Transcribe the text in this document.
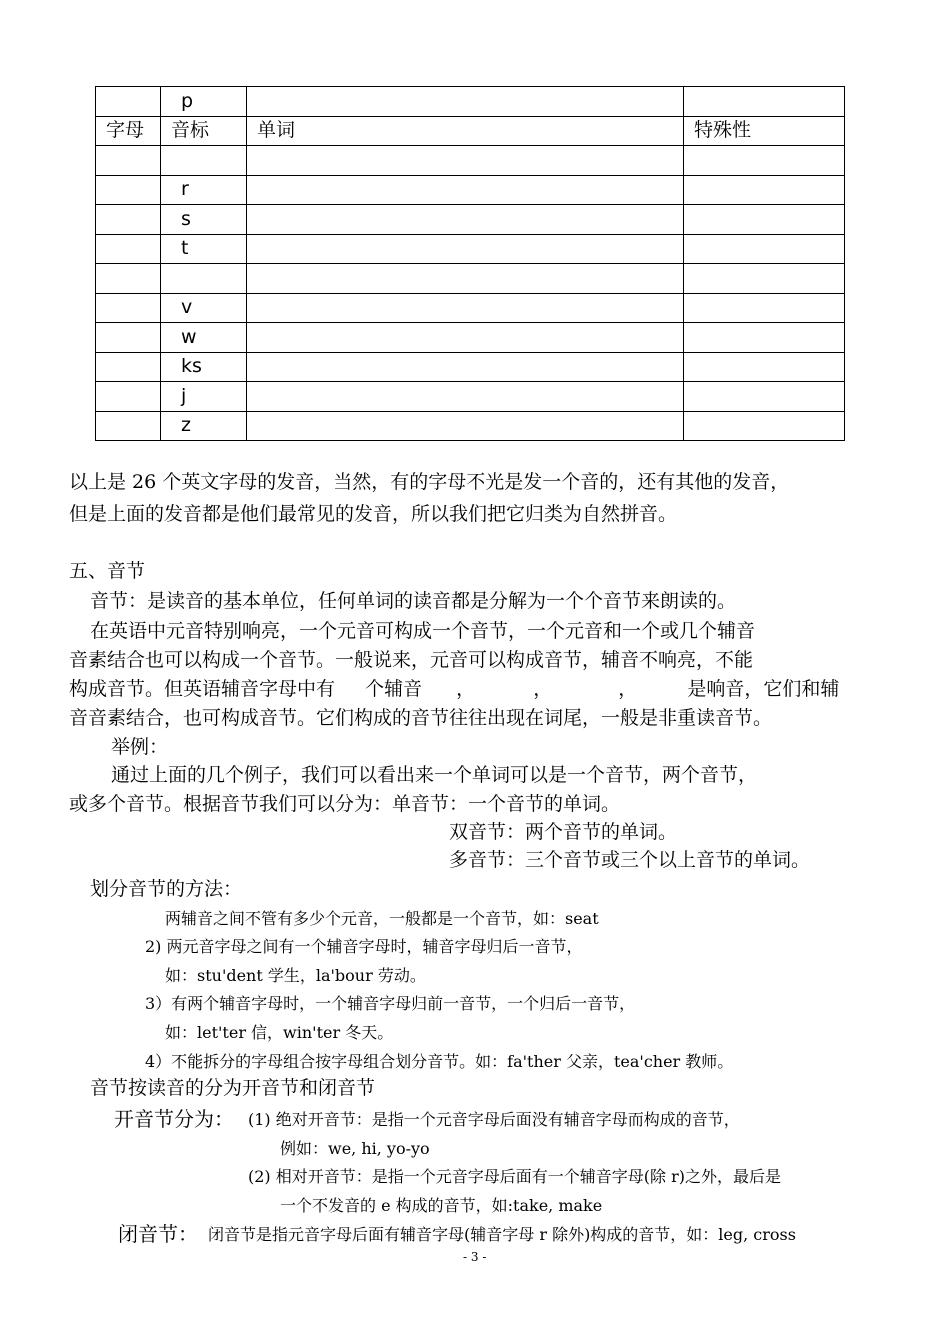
	p		
字母	音标	单词	特殊性

	r		
	s		
	t		

	v		
	w		
	ks		
	j		
	z		
以上是 26 个英文字母的发音，当然，有的字母不光是发一个音的，还有其他的发音，
但是上面的发音都是他们最常见的发音，所以我们把它归类为自然拼音。
五、音节
音节：是读音的基本单位，任何单词的读音都是分解为一个个音节来朗读的。
在英语中元音特别响亮，一个元音可构成一个音节，一个元音和一个或几个辅音
音素结合也可以构成一个音节。一般说来，元音可以构成音节，辅音不响亮，不能
构成音节。但英语辅音字母中有 个辅音 ，	，	，	是响音，它们和辅
音音素结合，也可构成音节。它们构成的音节往往出现在词尾，一般是非重读音节。
举例：
通过上面的几个例子，我们可以看出来一个单词可以是一个音节，两个音节，
或多个音节。根据音节我们可以分为：单音节：一个音节的单词。
双音节：两个音节的单词。
多音节：三个音节或三个以上音节的单词。
划分音节的方法：
两辅音之间不管有多少个元音，一般都是一个音节，如：seat
2) 两元音字母之间有一个辅音字母时，辅音字母归后一音节，
如：stu'dent 学生，la'bour 劳动。
3）有两个辅音字母时，一个辅音字母归前一音节，一个归后一音节，
如：let'ter 信，win'ter 冬天。
4）不能拆分的字母组合按字母组合划分音节。如：fa'ther 父亲，tea'cher 教师。
音节按读音的分为开音节和闭音节
开音节分为： (1) 绝对开音节：是指一个元音字母后面没有辅音字母而构成的音节，
例如：we, hi, yo-yo
(2) 相对开音节：是指一个元音字母后面有一个辅音字母(除 r)之外，最后是
一个不发音的 e 构成的音节，如:take, make
闭音节： 闭音节是指元音字母后面有辅音字母(辅音字母 r 除外)构成的音节，如：leg, cross
- 3 -
